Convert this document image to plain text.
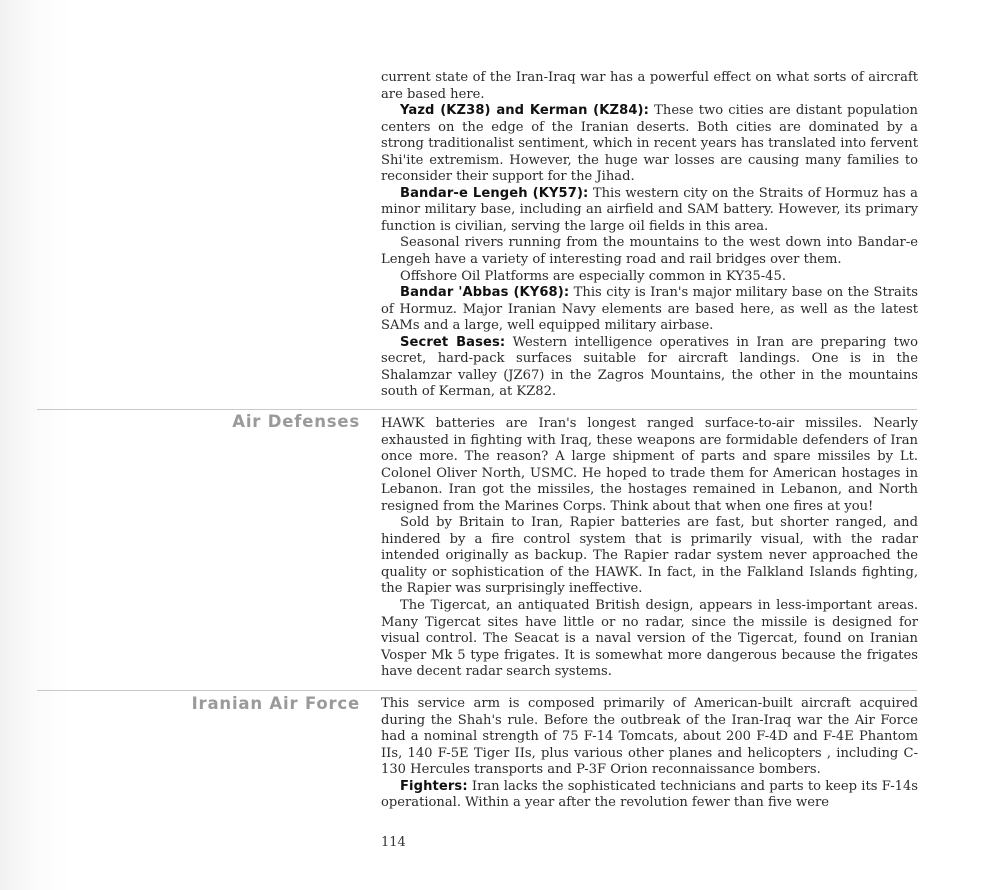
current state of the Iran-Iraq war has a powerful effect on what sorts of aircraft are based here.

Yazd (KZ38) and Kerman (KZ84): These two cities are distant population centers on the edge of the Iranian deserts. Both cities are dominated by a strong traditionalist sentiment, which in recent years has translated into fervent Shi'ite extremism. However, the huge war losses are causing many families to reconsider their support for the Jihad.

Bandar-e Lengeh (KY57): This western city on the Straits of Hormuz has a minor military base, including an airfield and SAM battery. However, its primary function is civilian, serving the large oil fields in this area.

Seasonal rivers running from the mountains to the west down into Bandar-e Lengeh have a variety of interesting road and rail bridges over them.

Offshore Oil Platforms are especially common in KY35-45.

Bandar 'Abbas (KY68): This city is Iran's major military base on the Straits of Hormuz. Major Iranian Navy elements are based here, as well as the latest SAMs and a large, well equipped military airbase.

Secret Bases: Western intelligence operatives in Iran are preparing two secret, hard-pack surfaces suitable for aircraft landings. One is in the Shalamzar valley (JZ67) in the Zagros Mountains, the other in the mountains south of Kerman, at KZ82.

Air Defenses HAWK batteries are Iran's longest ranged surface-to-air missiles. Nearly exhausted in fighting with Iraq, these weapons are formidable defenders of Iran once more. The reason? A large shipment of parts and spare missiles by Lt. Colonel Oliver North, USMC. He hoped to trade them for American hostages in Lebanon. Iran got the missiles, the hostages remained in Lebanon, and North resigned from the Marines Corps. Think about that when one fires at you!

Sold by Britain to Iran, Rapier batteries are fast, but shorter ranged, and hindered by a fire control system that is primarily visual, with the radar intended originally as backup. The Rapier radar system never approached the quality or sophistication of the HAWK. In fact, in the Falkland Islands fighting, the Rapier was surprisingly ineffective.

The Tigercat, an antiquated British design, appears in less-important areas. Many Tigercat sites have little or no radar, since the missile is designed for visual control. The Seacat is a naval version of the Tigercat, found on Iranian Vosper Mk 5 type frigates. It is somewhat more dangerous because the frigates have decent radar search systems.

Iranian Air Force This service arm is composed primarily of American-built aircraft acquired during the Shah's rule. Before the outbreak of the Iran-Iraq war the Air Force had a nominal strength of 75 F-14 Tomcats, about 200 F-4D and F-4E Phantom IIs, 140 F-5E Tiger IIs, plus various other planes and helicopters , including C-130 Hercules transports and P-3F Orion reconnaissance bombers.

Fighters: Iran lacks the sophisticated technicians and parts to keep its F-14s operational. Within a year after the revolution fewer than five were

114
